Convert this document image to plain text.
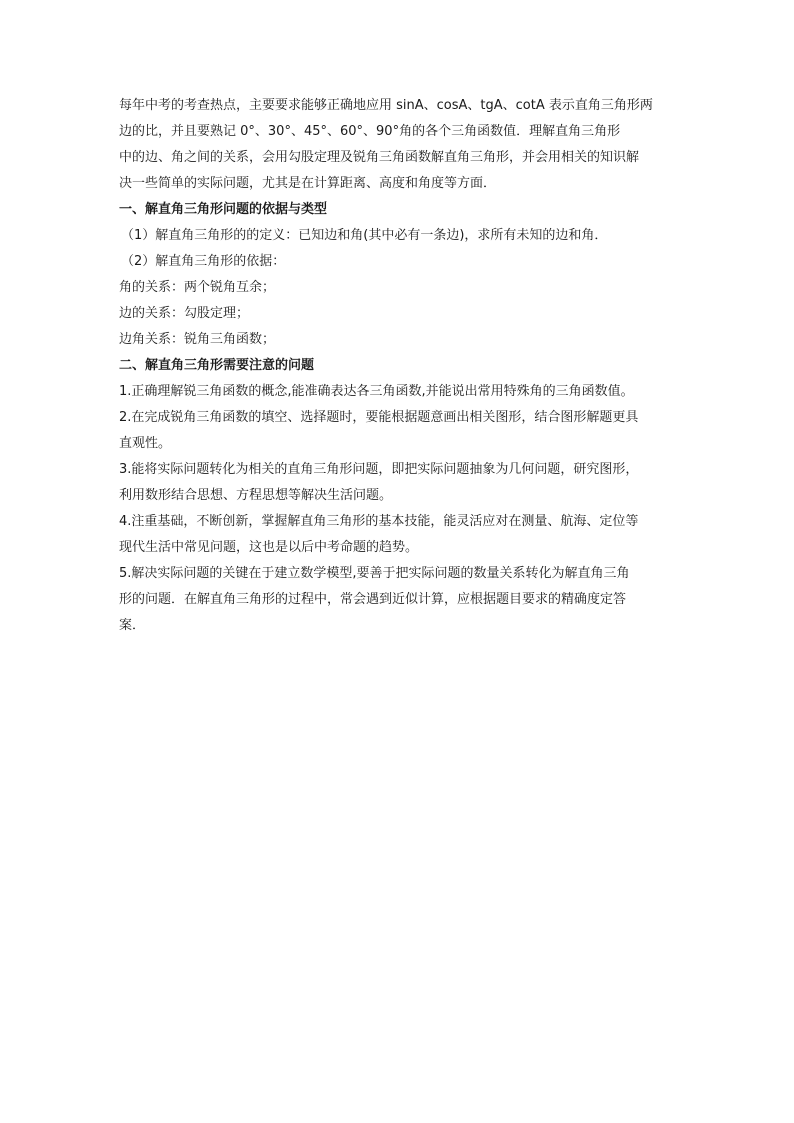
每年中考的考查热点，主要要求能够正确地应用 sinA、cosA、tgA、cotA 表示直角三角形两
边的比，并且要熟记 0°、30°、45°、60°、90°角的各个三角函数值．理解直角三角形
中的边、角之间的关系，会用勾股定理及锐角三角函数解直角三角形，并会用相关的知识解
决一些简单的实际问题，尤其是在计算距离、高度和角度等方面．
一、解直角三角形问题的依据与类型
（1）解直角三角形的的定义：已知边和角(其中必有一条边)，求所有未知的边和角．
（2）解直角三角形的依据：
角的关系：两个锐角互余；
边的关系：勾股定理；
边角关系：锐角三角函数；
二、解直角三角形需要注意的问题
1.正确理解锐三角函数的概念,能准确表达各三角函数,并能说出常用特殊角的三角函数值。
2.在完成锐角三角函数的填空、选择题时，要能根据题意画出相关图形，结合图形解题更具
直观性。
3.能将实际问题转化为相关的直角三角形问题，即把实际问题抽象为几何问题，研究图形，
利用数形结合思想、方程思想等解决生活问题。
4.注重基础，不断创新，掌握解直角三角形的基本技能，能灵活应对在测量、航海、定位等
现代生活中常见问题，这也是以后中考命题的趋势。
5.解决实际问题的关键在于建立数学模型,要善于把实际问题的数量关系转化为解直角三角
形的问题．在解直角三角形的过程中，常会遇到近似计算，应根据题目要求的精确度定答
案．
